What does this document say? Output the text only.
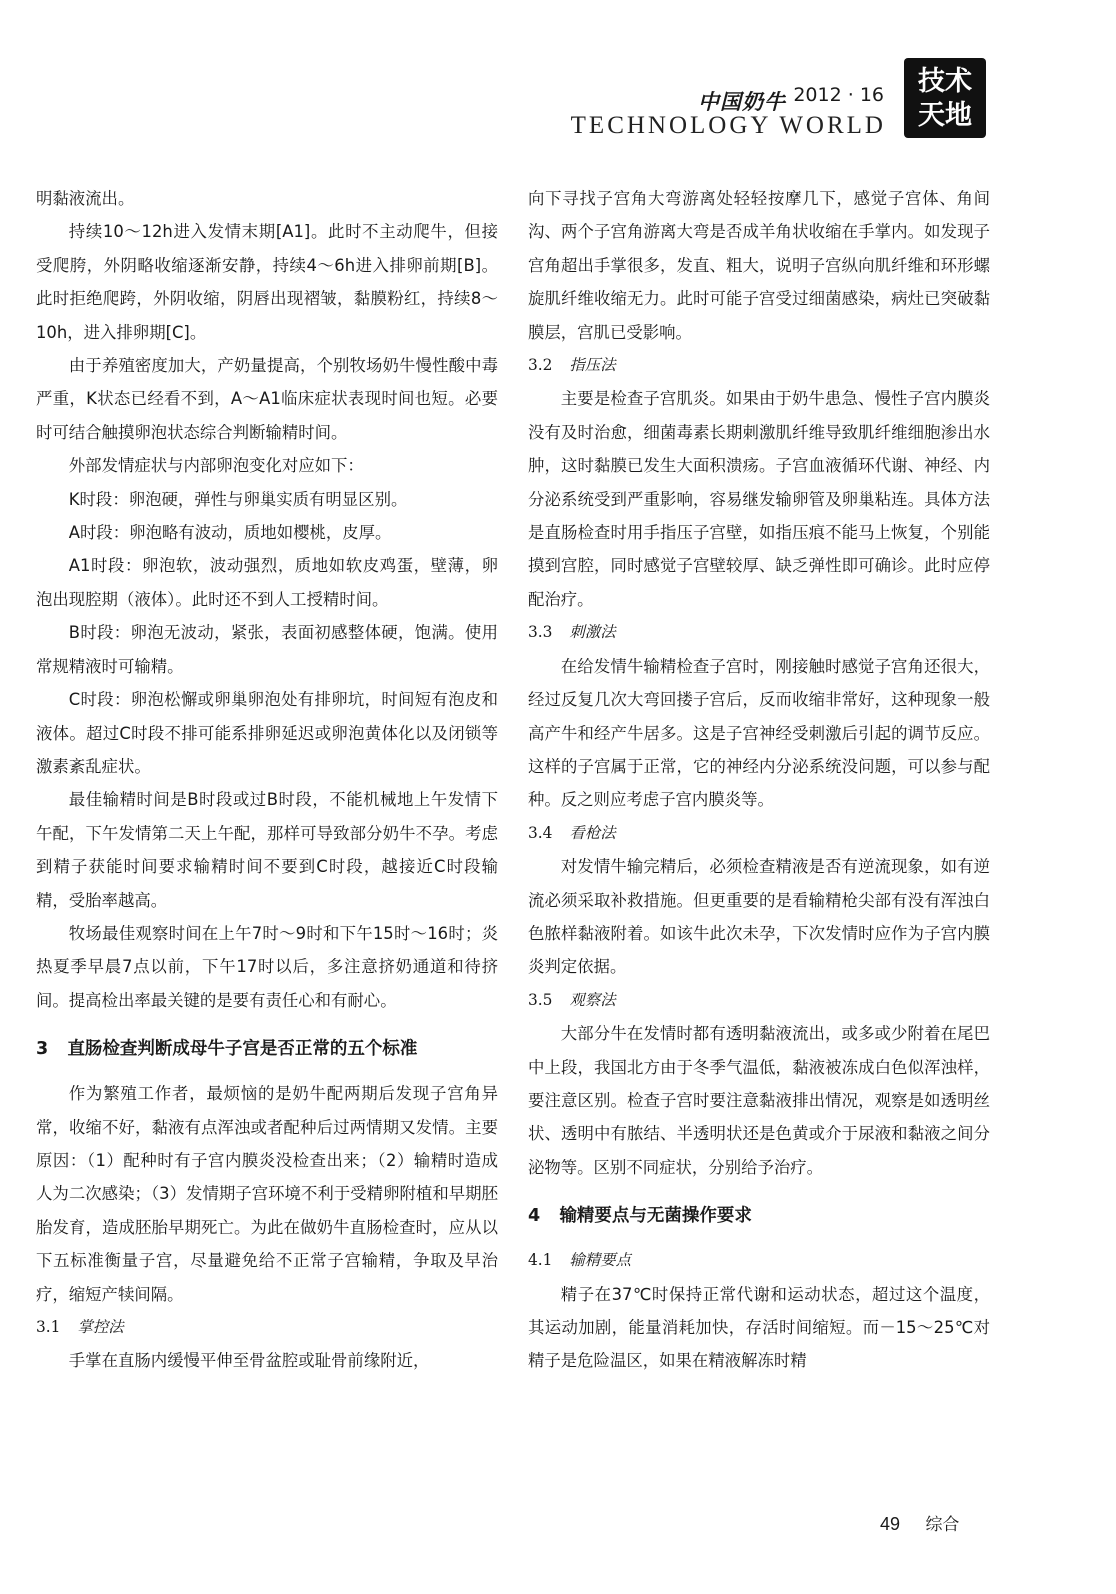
中国奶牛 2012 · 16
TECHNOLOGY WORLD
技术
天地

明黏液流出。

持续10～12h进入发情末期[A1]。此时不主动爬牛，但接受爬胯，外阴略收缩逐渐安静，持续4～6h进入排卵前期[B]。此时拒绝爬跨，外阴收缩，阴唇出现褶皱，黏膜粉红，持续8～10h，进入排卵期[C]。

由于养殖密度加大，产奶量提高，个别牧场奶牛慢性酸中毒严重，K状态已经看不到，A～A1临床症状表现时间也短。必要时可结合触摸卵泡状态综合判断输精时间。

外部发情症状与内部卵泡变化对应如下：

K时段：卵泡硬，弹性与卵巢实质有明显区别。

A时段：卵泡略有波动，质地如樱桃，皮厚。

A1时段：卵泡软，波动强烈，质地如软皮鸡蛋，壁薄，卵泡出现腔期（液体）。此时还不到人工授精时间。

B时段：卵泡无波动，紧张，表面初感整体硬，饱满。使用常规精液时可输精。

C时段：卵泡松懈或卵巢卵泡处有排卵坑，时间短有泡皮和液体。超过C时段不排可能系排卵延迟或卵泡黄体化以及闭锁等激素紊乱症状。

最佳输精时间是B时段或过B时段，不能机械地上午发情下午配，下午发情第二天上午配，那样可导致部分奶牛不孕。考虑到精子获能时间要求输精时间不要到C时段，越接近C时段输精，受胎率越高。

牧场最佳观察时间在上午7时～9时和下午15时～16时；炎热夏季早晨7点以前，下午17时以后，多注意挤奶通道和待挤间。提高检出率最关键的是要有责任心和有耐心。

3 直肠检查判断成母牛子宫是否正常的五个标准

作为繁殖工作者，最烦恼的是奶牛配两期后发现子宫角异常，收缩不好，黏液有点浑浊或者配种后过两情期又发情。主要原因：（1）配种时有子宫内膜炎没检查出来；（2）输精时造成人为二次感染；（3）发情期子宫环境不利于受精卵附植和早期胚胎发育，造成胚胎早期死亡。为此在做奶牛直肠检查时，应从以下五标准衡量子宫，尽量避免给不正常子宫输精，争取及早治疗，缩短产犊间隔。

3.1 掌控法

手掌在直肠内缓慢平伸至骨盆腔或耻骨前缘附近，

向下寻找子宫角大弯游离处轻轻按摩几下，感觉子宫体、角间沟、两个子宫角游离大弯是否成羊角状收缩在手掌内。如发现子宫角超出手掌很多，发直、粗大，说明子宫纵向肌纤维和环形螺旋肌纤维收缩无力。此时可能子宫受过细菌感染，病灶已突破黏膜层，宫肌已受影响。

3.2 指压法

主要是检查子宫肌炎。如果由于奶牛患急、慢性子宫内膜炎没有及时治愈，细菌毒素长期刺激肌纤维导致肌纤维细胞渗出水肿，这时黏膜已发生大面积溃疡。子宫血液循环代谢、神经、内分泌系统受到严重影响，容易继发输卵管及卵巢粘连。具体方法是直肠检查时用手指压子宫壁，如指压痕不能马上恢复，个别能摸到宫腔，同时感觉子宫壁较厚、缺乏弹性即可确诊。此时应停配治疗。

3.3 刺激法

在给发情牛输精检查子宫时，刚接触时感觉子宫角还很大，经过反复几次大弯回搂子宫后，反而收缩非常好，这种现象一般高产牛和经产牛居多。这是子宫神经受刺激后引起的调节反应。这样的子宫属于正常，它的神经内分泌系统没问题，可以参与配种。反之则应考虑子宫内膜炎等。

3.4 看枪法

对发情牛输完精后，必须检查精液是否有逆流现象，如有逆流必须采取补救措施。但更重要的是看输精枪尖部有没有浑浊白色脓样黏液附着。如该牛此次未孕，下次发情时应作为子宫内膜炎判定依据。

3.5 观察法

大部分牛在发情时都有透明黏液流出，或多或少附着在尾巴中上段，我国北方由于冬季气温低，黏液被冻成白色似浑浊样，要注意区别。检查子宫时要注意黏液排出情况，观察是如透明丝状、透明中有脓结、半透明状还是色黄或介于尿液和黏液之间分泌物等。区别不同症状，分别给予治疗。

4 输精要点与无菌操作要求
4.1 输精要点

精子在37℃时保持正常代谢和运动状态，超过这个温度，其运动加剧，能量消耗加快，存活时间缩短。而－15～25℃对精子是危险温区，如果在精液解冻时精

49 综合
